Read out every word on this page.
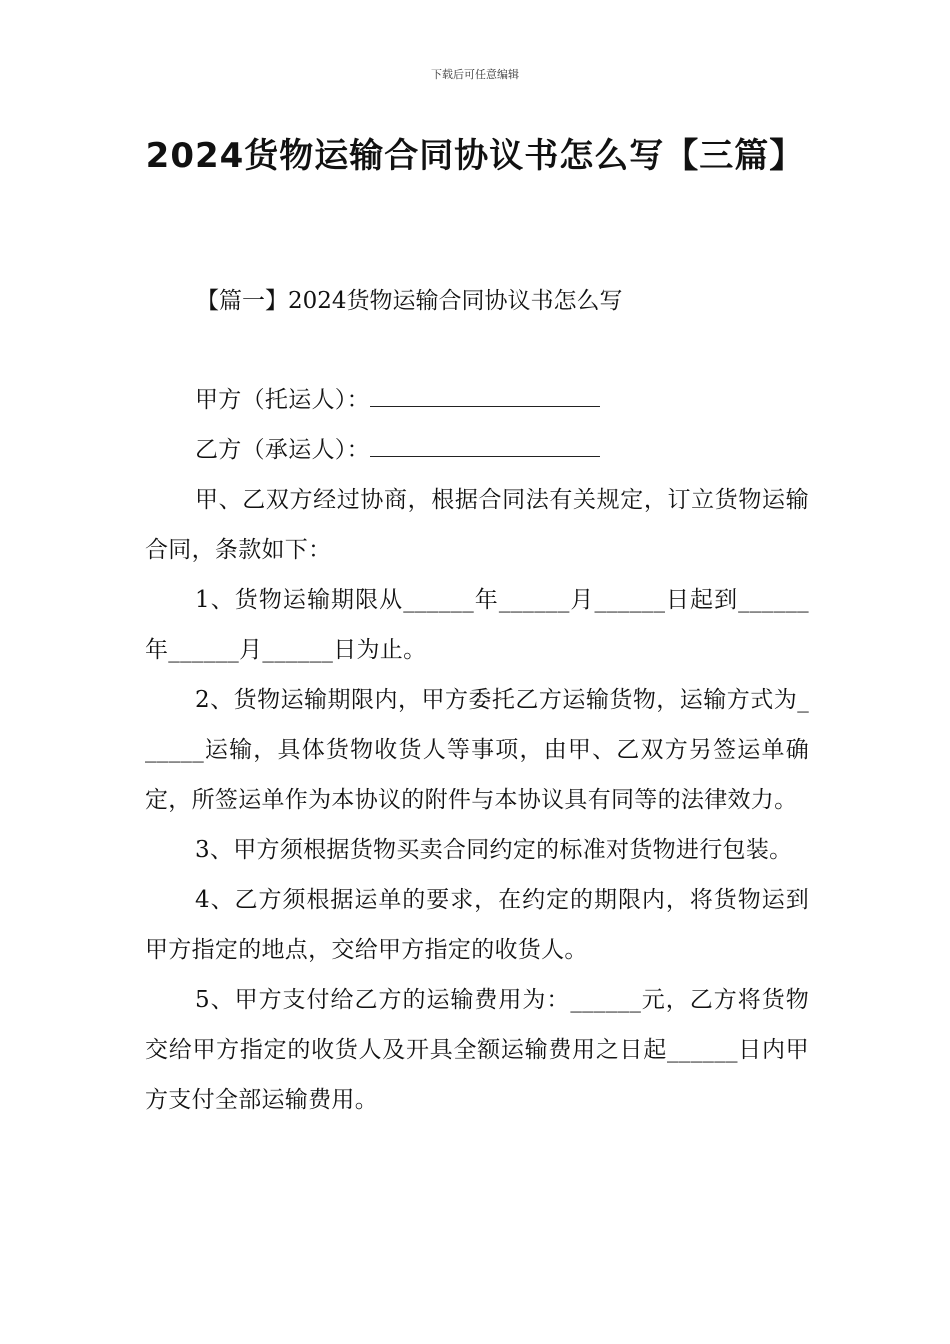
下载后可任意编辑
2024货物运输合同协议书怎么写【三篇】
【篇一】2024货物运输合同协议书怎么写

甲方（托运人）：

乙方（承运人）：

甲、乙双方经过协商，根据合同法有关规定，订立货物运输合同，条款如下：

1、货物运输期限从______年______月______日起到______年______月______日为止。

2、货物运输期限内，甲方委托乙方运输货物，运输方式为______运输，具体货物收货人等事项，由甲、乙双方另签运单确定，所签运单作为本协议的附件与本协议具有同等的法律效力。

3、甲方须根据货物买卖合同约定的标准对货物进行包装。

4、乙方须根据运单的要求，在约定的期限内，将货物运到甲方指定的地点，交给甲方指定的收货人。

5、甲方支付给乙方的运输费用为：______元，乙方将货物交给甲方指定的收货人及开具全额运输费用之日起______日内甲方支付全部运输费用。
